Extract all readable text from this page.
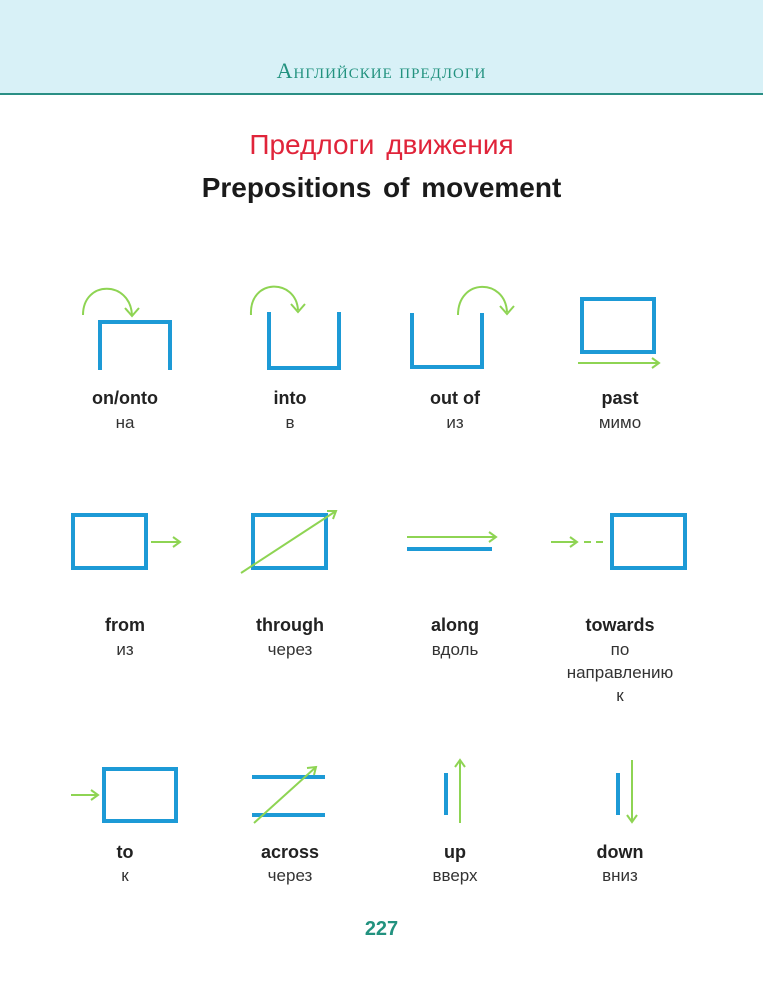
Английские предлоги
Предлоги движения
Prepositions of movement
on/onto
на
into
в
out of
из
past
мимо
from
из
through
через
along
вдоль
towards
по
направлению
к
to
к
across
через
up
вверх
down
вниз
227
